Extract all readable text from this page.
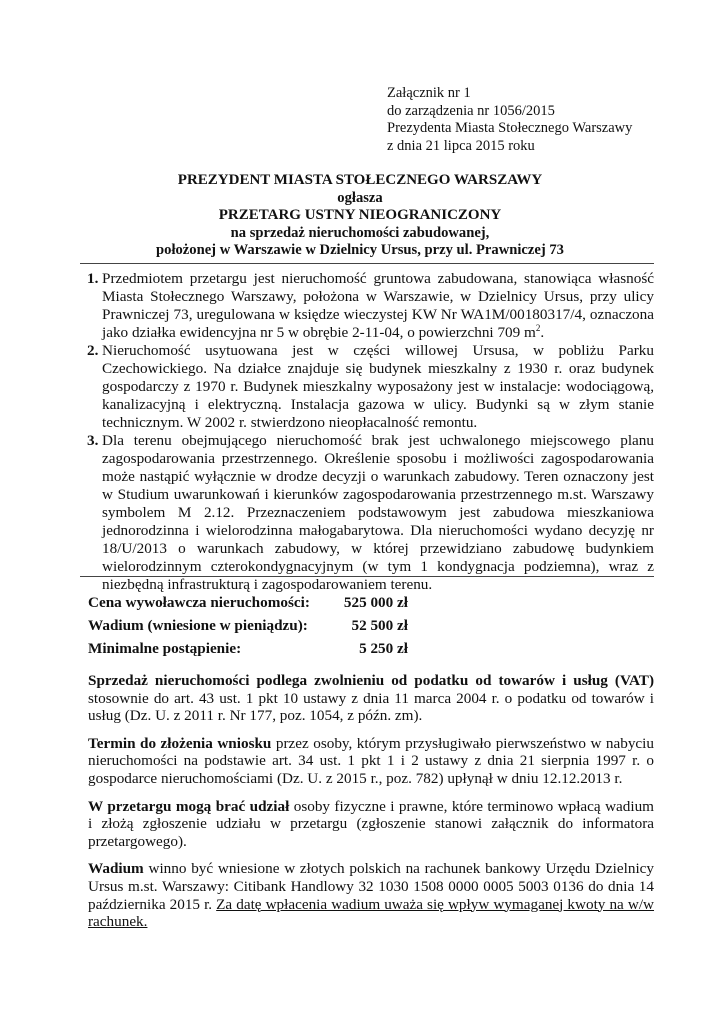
Załącznik nr 1
do zarządzenia nr 1056/2015
Prezydenta Miasta Stołecznego Warszawy
z dnia 21 lipca 2015 roku
PREZYDENT MIASTA STOŁECZNEGO WARSZAWY
ogłasza
PRZETARG USTNY NIEOGRANICZONY
na sprzedaż nieruchomości zabudowanej,
położonej w Warszawie w Dzielnicy Ursus, przy ul. Prawniczej 73
1. Przedmiotem przetargu jest nieruchomość gruntowa zabudowana, stanowiąca własność Miasta Stołecznego Warszawy, położona w Warszawie, w Dzielnicy Ursus, przy ulicy Prawniczej 73, uregulowana w księdze wieczystej KW Nr WA1M/00180317/4, oznaczona jako działka ewidencyjna nr 5 w obrębie 2-11-04, o powierzchni 709 $m^2$.
2. Nieruchomość usytuowana jest w części willowej Ursusa, w pobliżu Parku Czechowickiego. Na działce znajduje się budynek mieszkalny z 1930 r. oraz budynek gospodarczy z 1970 r. Budynek mieszkalny wyposażony jest w instalacje: wodociągową, kanalizacyjną i elektryczną. Instalacja gazowa w ulicy. Budynki są w złym stanie technicznym. W 2002 r. stwierdzono nieopłacalność remontu.
3. Dla terenu obejmującego nieruchomość brak jest uchwalonego miejscowego planu zagospodarowania przestrzennego. Określenie sposobu i możliwości zagospodarowania może nastąpić wyłącznie w drodze decyzji o warunkach zabudowy. Teren oznaczony jest w Studium uwarunkowań i kierunków zagospodarowania przestrzennego m.st. Warszawy symbolem M 2.12. Przeznaczeniem podstawowym jest zabudowa mieszkaniowa jednorodzinna i wielorodzinna małogabarytowa. Dla nieruchomości wydano decyzję nr 18/U/2013 o warunkach zabudowy, w której przewidziano zabudowę budynkiem wielorodzinnym czterokondygnacyjnym (w tym 1 kondygnacja podziemna), wraz z niezbędną infrastrukturą i zagospodarowaniem terenu.
Cena wywoławcza nieruchomości: 525 000 zł
Wadium (wniesione w pieniądzu):	52 500 zł
Minimalne postąpienie:	5 250 zł
Sprzedaż nieruchomości podlega zwolnieniu od podatku od towarów i usług (VAT) stosownie do art. 43 ust. 1 pkt 10 ustawy z dnia 11 marca 2004 r. o podatku od towarów i usług (Dz. U. z 2011 r. Nr 177, poz. 1054, z późn. zm).
Termin do złożenia wniosku przez osoby, którym przysługiwało pierwszeństwo w nabyciu nieruchomości na podstawie art. 34 ust. 1 pkt 1 i 2 ustawy z dnia 21 sierpnia 1997 r. o gospodarce nieruchomościami (Dz. U. z 2015 r., poz. 782) upłynął w dniu 12.12.2013 r.
W przetargu mogą brać udział osoby fizyczne i prawne, które terminowo wpłacą wadium i złożą zgłoszenie udziału w przetargu (zgłoszenie stanowi załącznik do informatora przetargowego).
Wadium winno być wniesione w złotych polskich na rachunek bankowy Urzędu Dzielnicy Ursus m.st. Warszawy: Citibank Handlowy 32 1030 1508 0000 0005 5003 0136 do dnia 14 października 2015 r. Za datę wpłacenia wadium uważa się wpływ wymaganej kwoty na w/w rachunek.
